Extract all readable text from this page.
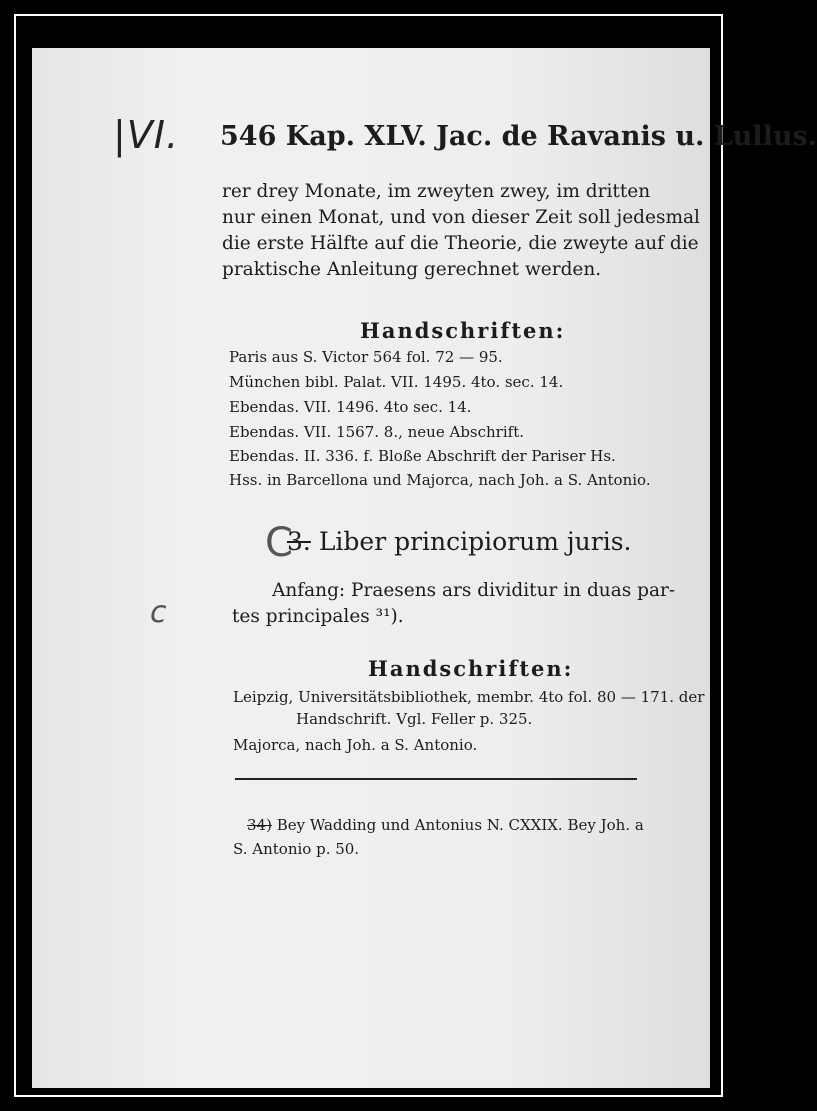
|VI. 546 Kap. XLV. Jac. de Ravanis u. Lullus.
rer drey Monate, im zweyten zwey, im dritten
nur einen Monat, und von dieser Zeit soll jedesmal
die erste Hälfte auf die Theorie, die zweyte auf die
praktische Anleitung gerechnet werden.
Handschriften:
Paris aus S. Victor 564 fol. 72 — 95.
München bibl. Palat. VII. 1495. 4to. sec. 14.
Ebendas. VII. 1496. 4to sec. 14.
Ebendas. VII. 1567. 8., neue Abschrift.
Ebendas. II. 336. f. Bloße Abschrift der Pariser Hs.
Hss. in Barcellona und Majorca, nach Joh. a S. Antonio.
C
3. Liber principiorum juris.
Anfang: Praesens ars dividitur in duas par-
tes principales ³¹).
c
Handschriften:
Leipzig, Universitätsbibliothek, membr. 4to fol. 80 — 171. der
Handschrift. Vgl. Feller p. 325.
Majorca, nach Joh. a S. Antonio.
34) Bey Wadding und Antonius N. CXXIX. Bey Joh. a
S. Antonio p. 50.
